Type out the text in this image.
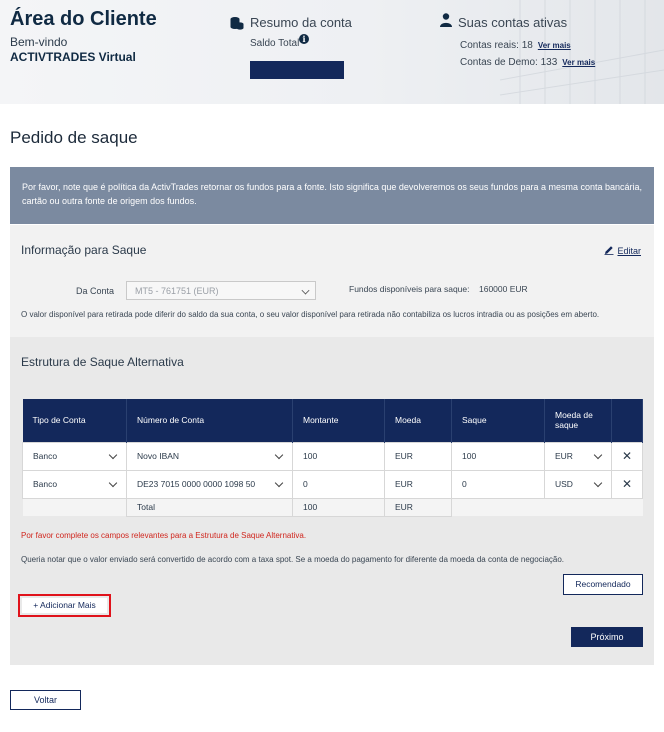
Área do Cliente
Bem-vindo
ACTIVTRADES Virtual
Resumo da conta
Saldo Total i
Suas contas ativas
Contas reais: 18 Ver mais
Contas de Demo: 133 Ver mais
Pedido de saque
Por favor, note que é política da ActivTrades retornar os fundos para a fonte. Isto significa que devolveremos os seus fundos para a mesma conta bancária, cartão ou outra fonte de origem dos fundos.
Informação para Saque	Editar
Da Conta	MT5 - 761751 (EUR)	Fundos disponíveis para saque: 160000 EUR
O valor disponível para retirada pode diferir do saldo da sua conta, o seu valor disponível para retirada não contabiliza os lucros intradia ou as posições em aberto.
Estrutura de Saque Alternativa
Tipo de Conta	Número de Conta	Montante	Moeda	Saque	Moeda de saque	
Banco	Novo IBAN	100	EUR	100	EUR	✕
Banco	DE23 7015 0000 0000 1098 50	0	EUR	0	USD	✕
	Total	100	EUR			
Por favor complete os campos relevantes para a Estrutura de Saque Alternativa.
Queria notar que o valor enviado será convertido de acordo com a taxa spot. Se a moeda do pagamento for diferente da moeda da conta de negociação.
Recomendado
+ Adicionar Mais
Próximo
Voltar
